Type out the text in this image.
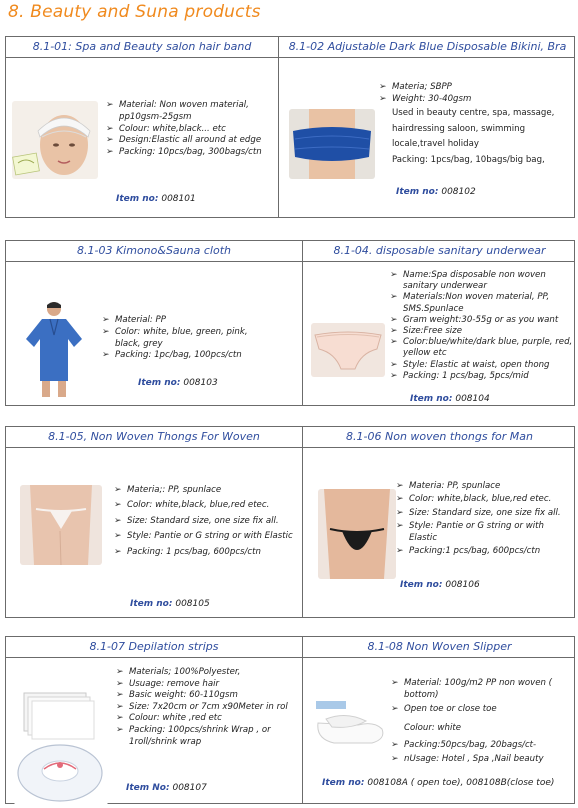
8. Beauty and Suna products
8.1-01: Spa and Beauty salon hair band	8.1-02 Adjustable Dark Blue Disposable Bikini, Bra
➢ Material: Non woven material, pp10gsm-25gsm
➢ Colour: white,black... etc
➢ Design:Elastic all around at edge
➢ Packing: 10pcs/bag, 300bags/ctn
Item no: 008101
➢ Materia; SBPP
➢ Weight: 30-40gsm
Used in beauty centre, spa, massage,
hairdressing saloon, swimming
locale,travel holiday
Packing: 1pcs/bag, 10bags/big bag,
Item no: 008102
8.1-03 Kimono&Sauna cloth	8.1-04. disposable sanitary underwear
➢ Material: PP
➢ Color: white, blue, green, pink, black, grey
➢ Packing: 1pc/bag, 100pcs/ctn
Item no: 008103
➢ Name:Spa disposable non woven sanitary underwear
➢ Materials:Non woven material, PP, SMS.Spunlace
➢ Gram weight:30-55g or as you want
➢ Size:Free size
➢ Color:blue/white/dark blue, purple, red, yellow etc
➢ Style: Elastic at waist, open thong
➢ Packing: 1 pcs/bag, 5pcs/mid
Item no: 008104
8.1-05, Non Woven Thongs For Woven	8.1-06 Non woven thongs for Man
➢ Materia;: PP, spunlace
➢ Color: white,black, blue,red etec.
➢ Size: Standard size, one size fix all.
➢ Style: Pantie or G string or with Elastic
➢ Packing: 1 pcs/bag, 600pcs/ctn
Item no: 008105
➢ Materia: PP, spunlace
➢ Color: white,black, blue,red etec.
➢ Size: Standard size, one size fix all.
➢ Style: Pantie or G string or with Elastic
➢ Packing:1 pcs/bag, 600pcs/ctn
Item no: 008106
8.1-07 Depilation strips	8.1-08 Non Woven Slipper
➢ Materials; 100%Polyester,
➢ Usuage: remove hair
➢ Basic weight: 60-110gsm
➢ Size: 7x20cm or 7cm x90Meter in rol
➢ Colour: white ,red etc
➢ Packing: 100pcs/shrink Wrap , or 1roll/shrink wrap
Item No: 008107
➢ Material: 100g/m2 PP non woven ( bottom)
➢ Open toe or close toe
Colour: white
➢ Packing:50pcs/bag, 20bags/ct-
➢ nUsage: Hotel , Spa ,Nail beauty
Item no: 008108A ( open toe), 008108B(close toe)
